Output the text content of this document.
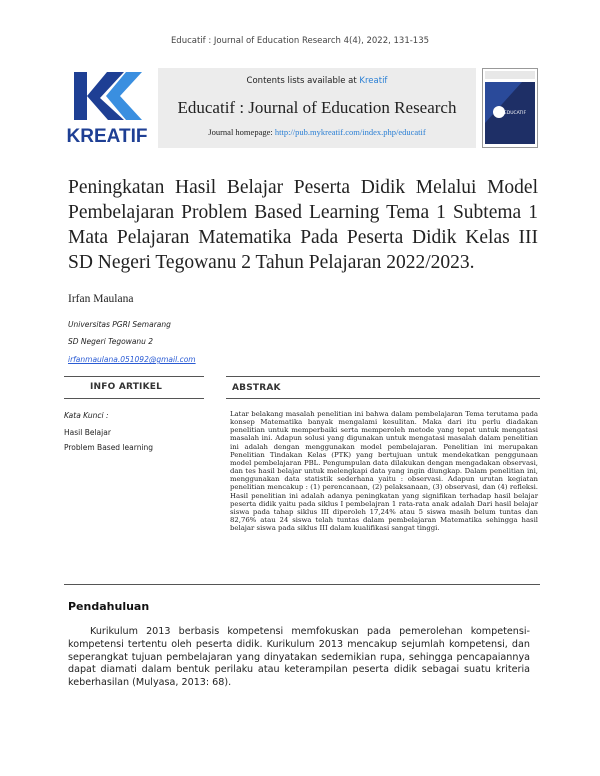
Educatif : Journal of Education Research 4(4), 2022, 131-135
KREATIF
Contents lists available at Kreatif
Educatif : Journal of Education Research
Journal homepage: http://pub.mykreatif.com/index.php/educatif
EDUCATIF
Peningkatan Hasil Belajar Peserta Didik Melalui Model Pembelajaran Problem Based Learning Tema 1 Subtema 1 Mata Pelajaran Matematika Pada Peserta Didik Kelas III SD Negeri Tegowanu 2 Tahun Pelajaran 2022/2023.
Irfan Maulana
Universitas PGRI Semarang
SD Negeri Tegowanu 2
irfanmaulana.051092@gmail.com
INFO ARTIKEL	ABSTRAK
Kata Kunci :
Hasil Belajar
Problem Based learning

Latar belakang masalah penelitian ini bahwa dalam pembelajaran Tema terutama pada konsep Matematika banyak mengalami kesulitan. Maka dari itu perlu diadakan penelitian untuk memperbaiki serta memperoleh metode yang tepat untuk mengatasi masalah ini. Adapun solusi yang digunakan untuk mengatasi masalah dalam penelitian ini adalah dengan menggunakan model pembelajaran. Penelitian ini merupakan Penelitian Tindakan Kelas (PTK) yang bertujuan untuk mendekatkan penggunaan model pembelajaran PBL. Pengumpulan data dilakukan dengan mengadakan observasi, dan tes hasil belajar untuk melengkapi data yang ingin diungkap. Dalam penelitian ini, menggunakan data statistik sederhana yaitu : observasi. Adapun urutan kegiatan penelitian mencakup : (1) perencanaan, (2) pelaksanaan, (3) observasi, dan (4) refleksi. Hasil penelitian ini adalah adanya peningkatan yang signifikan terhadap hasil belajar peserta didik yaitu pada siklus I pembelajran 1 rata-rata anak adalah Dari hasil belajar siswa pada tahap siklus III diperoleh 17,24% atau 5 siswa masih belum tuntas dan 82,76% atau 24 siswa telah tuntas dalam pembelajaran Matematika sehingga hasil belajar siswa pada siklus III dalam kualifikasi sangat tinggi.

Pendahuluan

Kurikulum 2013 berbasis kompetensi memfokuskan pada pemerolehan kompetensi-kompetensi tertentu oleh peserta didik. Kurikulum 2013 mencakup sejumlah kompetensi, dan seperangkat tujuan pembelajaran yang dinyatakan sedemikian rupa, sehingga pencapaiannya dapat diamati dalam bentuk perilaku atau keterampilan peserta didik sebagai suatu kriteria keberhasilan (Mulyasa, 2013: 68).
